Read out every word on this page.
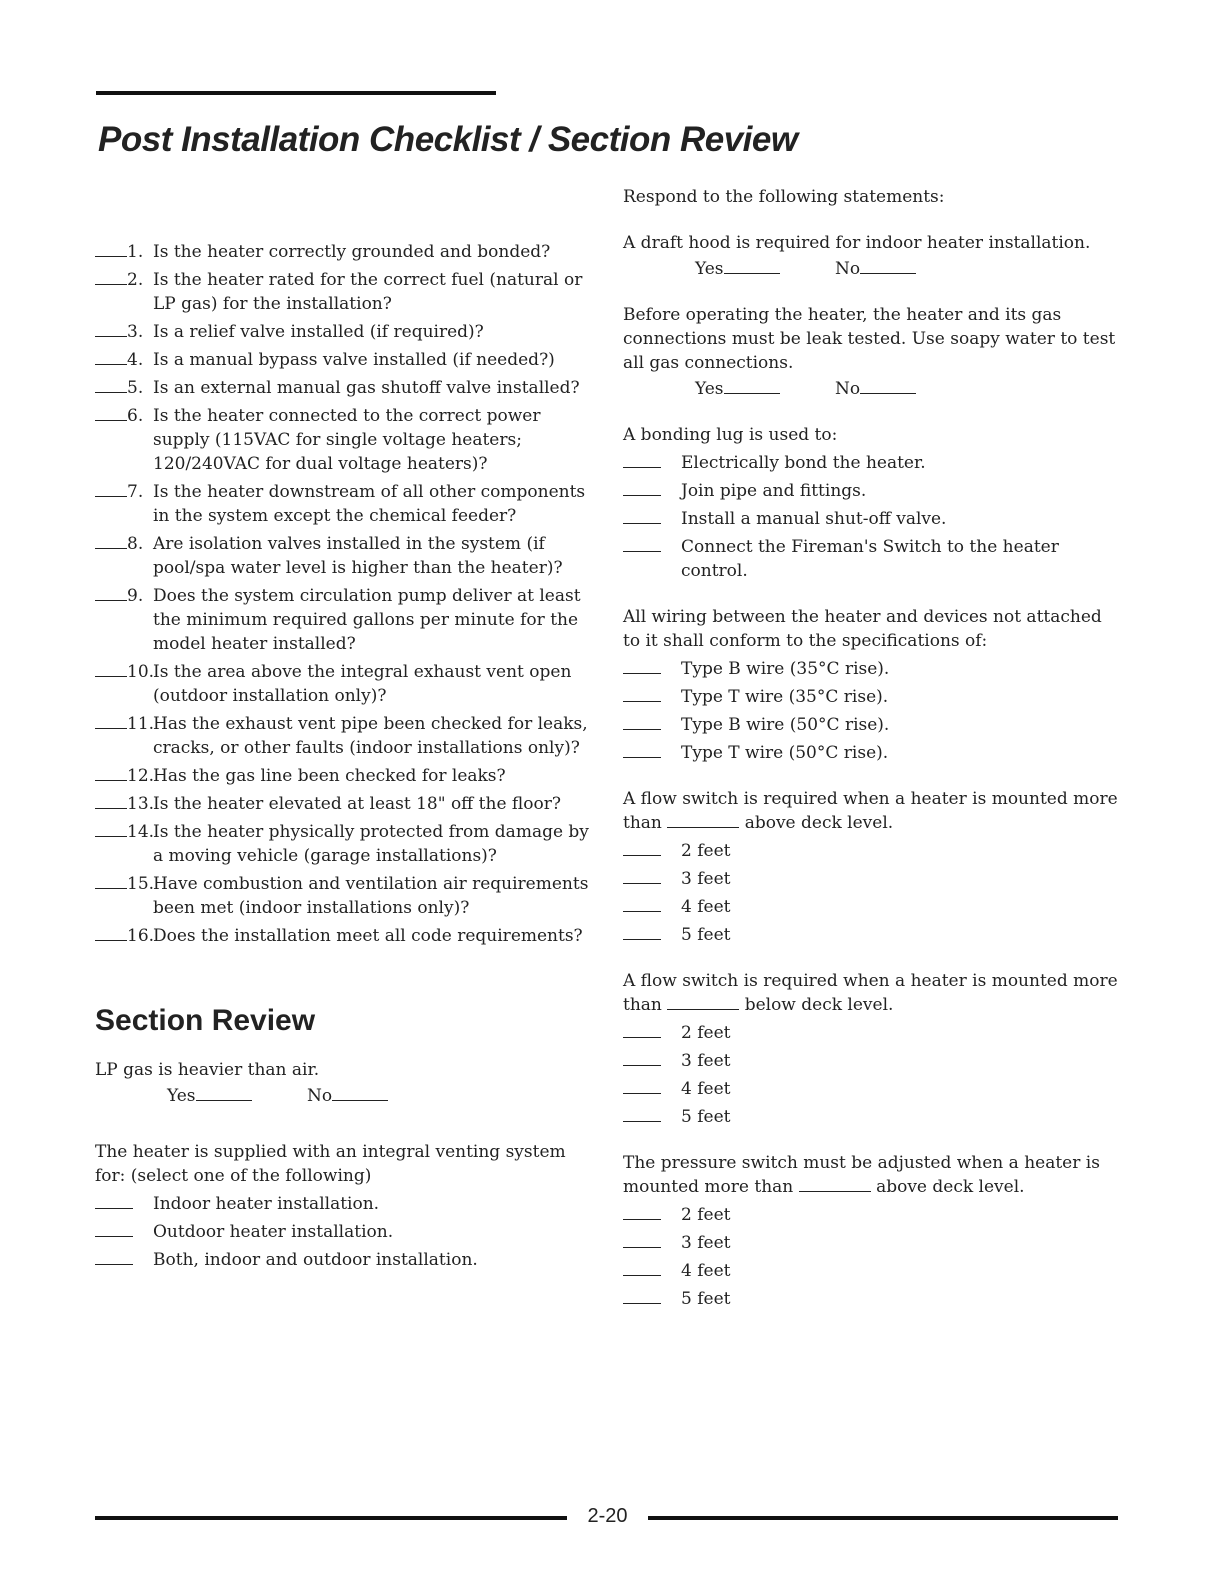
Post Installation Checklist / Section Review
1. Is the heater correctly grounded and bonded?
2. Is the heater rated for the correct fuel (natural or LP gas) for the installation?
3. Is a relief valve installed (if required)?
4. Is a manual bypass valve installed (if needed?)
5. Is an external manual gas shutoff valve installed?
6. Is the heater connected to the correct power supply (115VAC for single voltage heaters; 120/240VAC for dual voltage heaters)?
7. Is the heater downstream of all other components in the system except the chemical feeder?
8. Are isolation valves installed in the system (if pool/spa water level is higher than the heater)?
9. Does the system circulation pump deliver at least the minimum required gallons per minute for the model heater installed?
10.
Is the area above the integral exhaust vent open (outdoor installation only)?
11.
Has the exhaust vent pipe been checked for leaks, cracks, or other faults (indoor installations only)?
12.
Has the gas line been checked for leaks?
13.
Is the heater elevated at least 18" off the floor?
14.
Is the heater physically protected from damage by a moving vehicle (garage installations)?
15.
Have combustion and ventilation air requirements been met (indoor installations only)?
16.
Does the installation meet all code requirements?
Section Review

LP gas is heavier than air.

Yes	No

The heater is supplied with an integral venting system for: (select one of the following)

Indoor heater installation.
Outdoor heater installation.
Both, indoor and outdoor installation.

Respond to the following statements:

A draft hood is required for indoor heater installation.

Yes	No

Before operating the heater, the heater and its gas connections must be leak tested. Use soapy water to test all gas connections.

Yes	No

A bonding lug is used to:

Electrically bond the heater.
Join pipe and fittings.
Install a manual shut-off valve.
Connect the Fireman's Switch to the heater control.

All wiring between the heater and devices not attached to it shall conform to the specifications of:

Type B wire (35°C rise).
Type T wire (35°C rise).
Type B wire (50°C rise).
Type T wire (50°C rise).

A flow switch is required when a heater is mounted more than	above deck level.

2 feet
3 feet
4 feet
5 feet

A flow switch is required when a heater is mounted more than	below deck level.

2 feet
3 feet
4 feet
5 feet

The pressure switch must be adjusted when a heater is mounted more than	above deck level.

2 feet
3 feet
4 feet
5 feet
2-20
